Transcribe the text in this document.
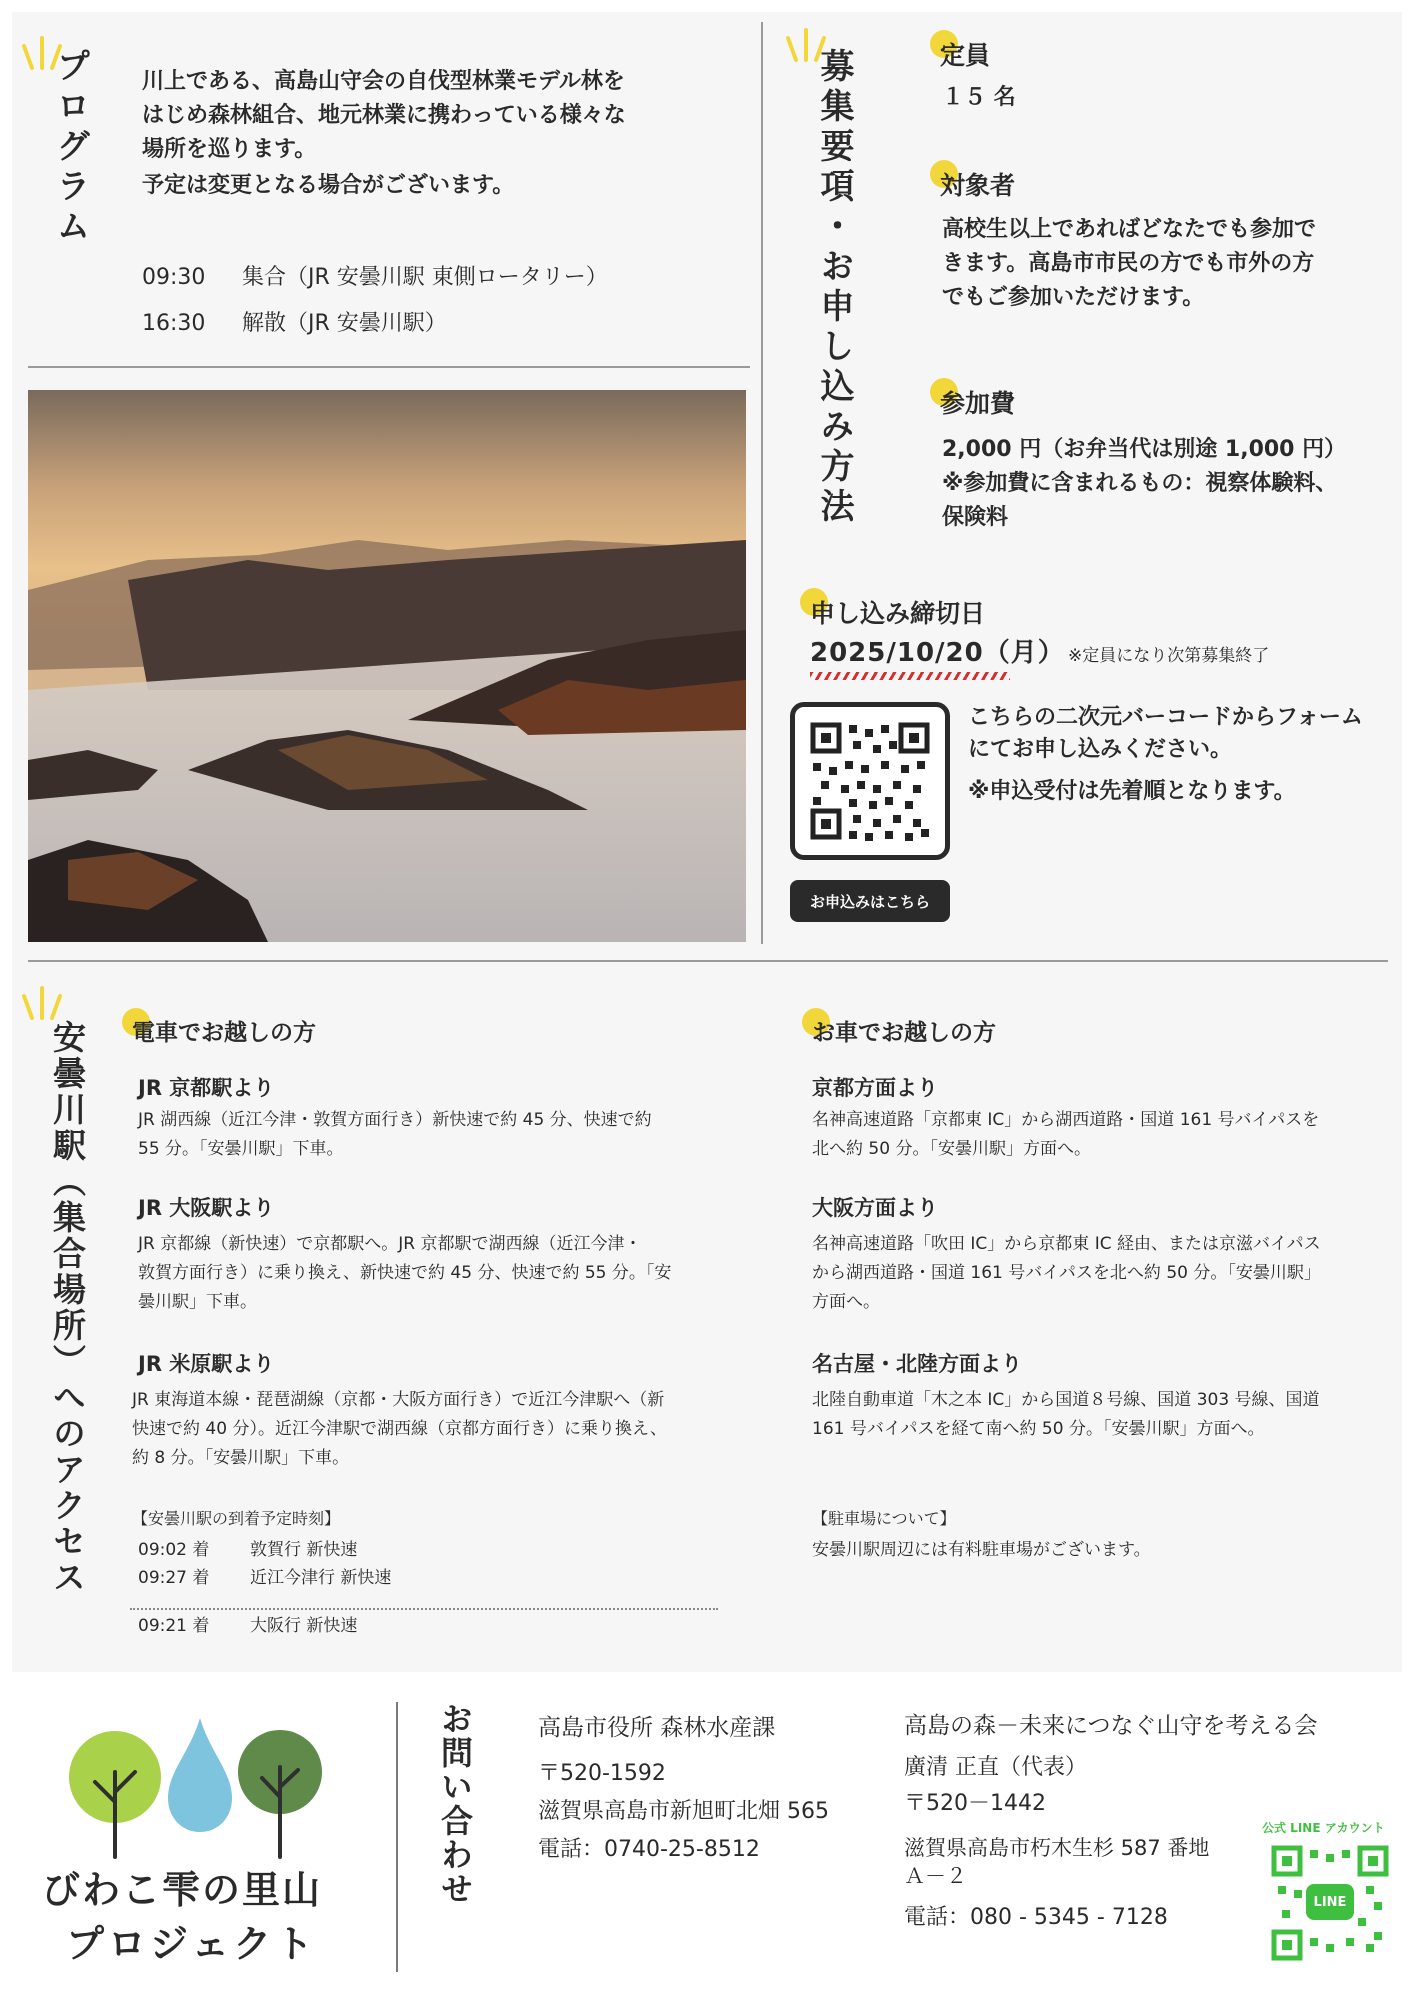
プログラム 川上である、高島山守会の自伐型林業モデル林を
はじめ森林組合、地元林業に携わっている様々な
場所を巡ります。
予定は変更となる場合がございます。
09:30 集合（JR 安曇川駅 東側ロータリー）
16:30 解散（JR 安曇川駅）	募集要項・お申し込み方法	定員
１５ 名
対象者
高校生以上であればどなたでも参加で
きます。高島市市民の方でも市外の方
でもご参加いただけます。
参加費
2,000 円（お弁当代は別途 1,000 円）
※参加費に含まれるもの：視察体験料、
保険料
申し込み締切日
2025/10/20（月） ※定員になり次第募集終了
お申込みはこちら
こちらの二次元バーコードからフォーム
にてお申し込みください。
※申込受付は先着順となります。
安曇川駅（集合場所）へのアクセス 電車でお越しの方
JR 京都駅より
JR 湖西線（近江今津・敦賀方面行き）新快速で約 45 分、快速で約
55 分。「安曇川駅」下車。
JR 大阪駅より
JR 京都線（新快速）で京都駅へ。JR 京都駅で湖西線（近江今津・
敦賀方面行き）に乗り換え、新快速で約 45 分、快速で約 55 分。「安
曇川駅」下車。
JR 米原駅より
JR 東海道本線・琵琶湖線（京都・大阪方面行き）で近江今津駅へ（新
快速で約 40 分）。近江今津駅で湖西線（京都方面行き）に乗り換え、
約 8 分。「安曇川駅」下車。
【安曇川駅の到着予定時刻】
09:02 着 敦賀行 新快速
09:27 着 近江今津行 新快速
09:21 着 大阪行 新快速
お車でお越しの方
京都方面より
名神高速道路「京都東 IC」から湖西道路・国道 161 号バイパスを
北へ約 50 分。「安曇川駅」方面へ。
大阪方面より
名神高速道路「吹田 IC」から京都東 IC 経由、または京滋バイパス
から湖西道路・国道 161 号バイパスを北へ約 50 分。「安曇川駅」
方面へ。
名古屋・北陸方面より
北陸自動車道「木之本 IC」から国道８号線、国道 303 号線、国道
161 号バイパスを経て南へ約 50 分。「安曇川駅」方面へ。
【駐車場について】
安曇川駅周辺には有料駐車場がございます。
びわこ雫の里山
プロジェクト
お問い合わせ	高島市役所 森林水産課
〒520-1592
滋賀県高島市新旭町北畑 565
電話：0740-25-8512
高島の森－未来につなぐ山守を考える会
廣清 正直（代表）
〒520－1442
滋賀県高島市朽木生杉 587 番地
Ａ－２
電話：080 - 5345 - 7128
公式 LINE アカウント
LINE
